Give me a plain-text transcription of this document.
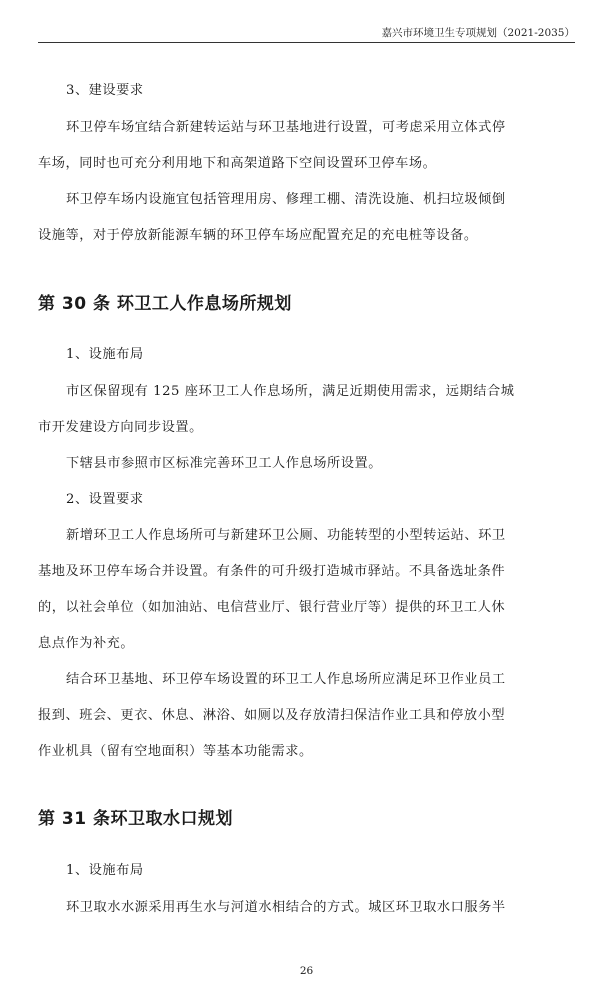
嘉兴市环境卫生专项规划（2021-2035）
3、建设要求
环卫停车场宜结合新建转运站与环卫基地进行设置，可考虑采用立体式停
车场，同时也可充分利用地下和高架道路下空间设置环卫停车场。
环卫停车场内设施宜包括管理用房、修理工棚、清洗设施、机扫垃圾倾倒
设施等，对于停放新能源车辆的环卫停车场应配置充足的充电桩等设备。
1、设施布局
市区保留现有 125 座环卫工人作息场所，满足近期使用需求，远期结合城
市开发建设方向同步设置。
下辖县市参照市区标准完善环卫工人作息场所设置。
2、设置要求
新增环卫工人作息场所可与新建环卫公厕、功能转型的小型转运站、环卫
基地及环卫停车场合并设置。有条件的可升级打造城市驿站。不具备选址条件
的，以社会单位（如加油站、电信营业厅、银行营业厅等）提供的环卫工人休
息点作为补充。
结合环卫基地、环卫停车场设置的环卫工人作息场所应满足环卫作业员工
报到、班会、更衣、休息、淋浴、如厕以及存放清扫保洁作业工具和停放小型
作业机具（留有空地面积）等基本功能需求。
1、设施布局
环卫取水水源采用再生水与河道水相结合的方式。城区环卫取水口服务半
第 30 条 环卫工人作息场所规划
第 31 条环卫取水口规划
26
